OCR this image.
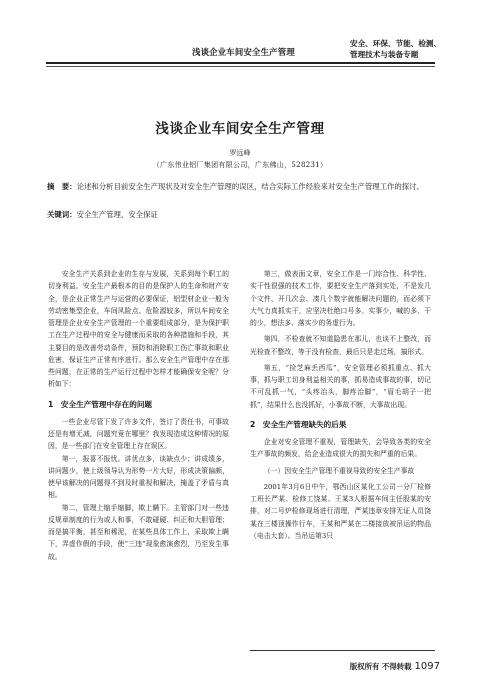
浅谈企业车间安全生产管理
安全、环保、节能、检测、
管理技术与装备专题
浅谈企业车间安全生产管理
罗远峰
（广东伟业铝厂集团有限公司，广东佛山，528231）
摘　要：论述和分析目前安全生产现状及对安全生产管理的误区，结合实际工作经验来对安全生产管理工作的探讨。
关键词：安全生产管理，安全保证

安全生产关系到企业的生存与发展，关系到每个职工的切身利益。安全生产最根本的目的是保护人的生命和财产安全，是企业正常生产与运营的必要保证，铝型材企业一般为劳动密集型企业，车间风险点、危险源较多，所以车间安全管理是企业安全生产管理的一个重要组成部分，是为保护职工在生产过程中的安全与健康而采取的各种措施和手段，其主要目的是改善劳动条件，预防和消除职工伤亡事故和职业危害，保证生产正常有序进行。那么安全生产管理中存在那些问题，在正常的生产运行过程中怎样才能确保安全呢？分析如下：

1　安全生产管理中存在的问题

一些企业尽管下发了许多文件，签订了责任书，可事故还是有增无减，问题究竟在哪里？我发现造成这种情况的原因，是一些部门在安全管理上存在误区。

第一，报喜不报忧。讲优点多，谈缺点少；讲成绩多，讲问题少，使上级领导认为形势一片大好，形成决策偏颇，使早该解决的问题得不到及时重视和解决，掩盖了矛盾与真相。

第二，管理上缩手缩脚，欺上瞒下。主管部门对一些违反规章制度的行为或人和事，不敢碰硬、纠正和大胆管理；而是搞平衡，甚至和稀泥，在某些具体工作上，采取欺上瞒下，弄虚作假的手段，使“三违”现象愈演愈烈，乃至发生事故。

第三，做表面文章，安全工作是一门综合性、科学性、实干性很强的技术工作，要把安全生产落到实处，不是发几个文件、开几次会、凑几个数字就能解决问题的，而必须下大气力真抓实干，应坚决杜绝口号多、实事少，喊的多、干的少，想法多、落实少的务虚行为。

第四，不检查就不知道隐患在那儿，也谈不上整改，而光检查不整改，等于没有检查，最后只是走过场，搞形式。

第五，“捡芝麻丢西瓜”，安全管理必须抓重点、抓大事，抓与职工切身利益相关的事，抓易造成事故的事，切记不可乱抓一气，“头疼治头，脚疼治脚”，“眉毛胡子一把抓”，结果什么也没抓好，小事故不断，大事故出现。

2　安全生产管理缺失的后果

企业对安全管理不重视，管理缺失，会导致各类的安全生产事故的频发，给企业造成很大的损失和严重的后果。

（一）因安全生产管理不重视导致的安全生产事故

2001年3月6日中午，鄂西山区某化工公司一分厂检修工班长严某、检修工饶某、王某3人根据车间主任股某的安排，对二号炉检修现场进行清理，严某违章安排无证人员饶某在三楼顶操作行车，王某和严某在二楼接放被吊运的物品（电击大套）。当吊运第3只

版权所有 不得转载 1097
